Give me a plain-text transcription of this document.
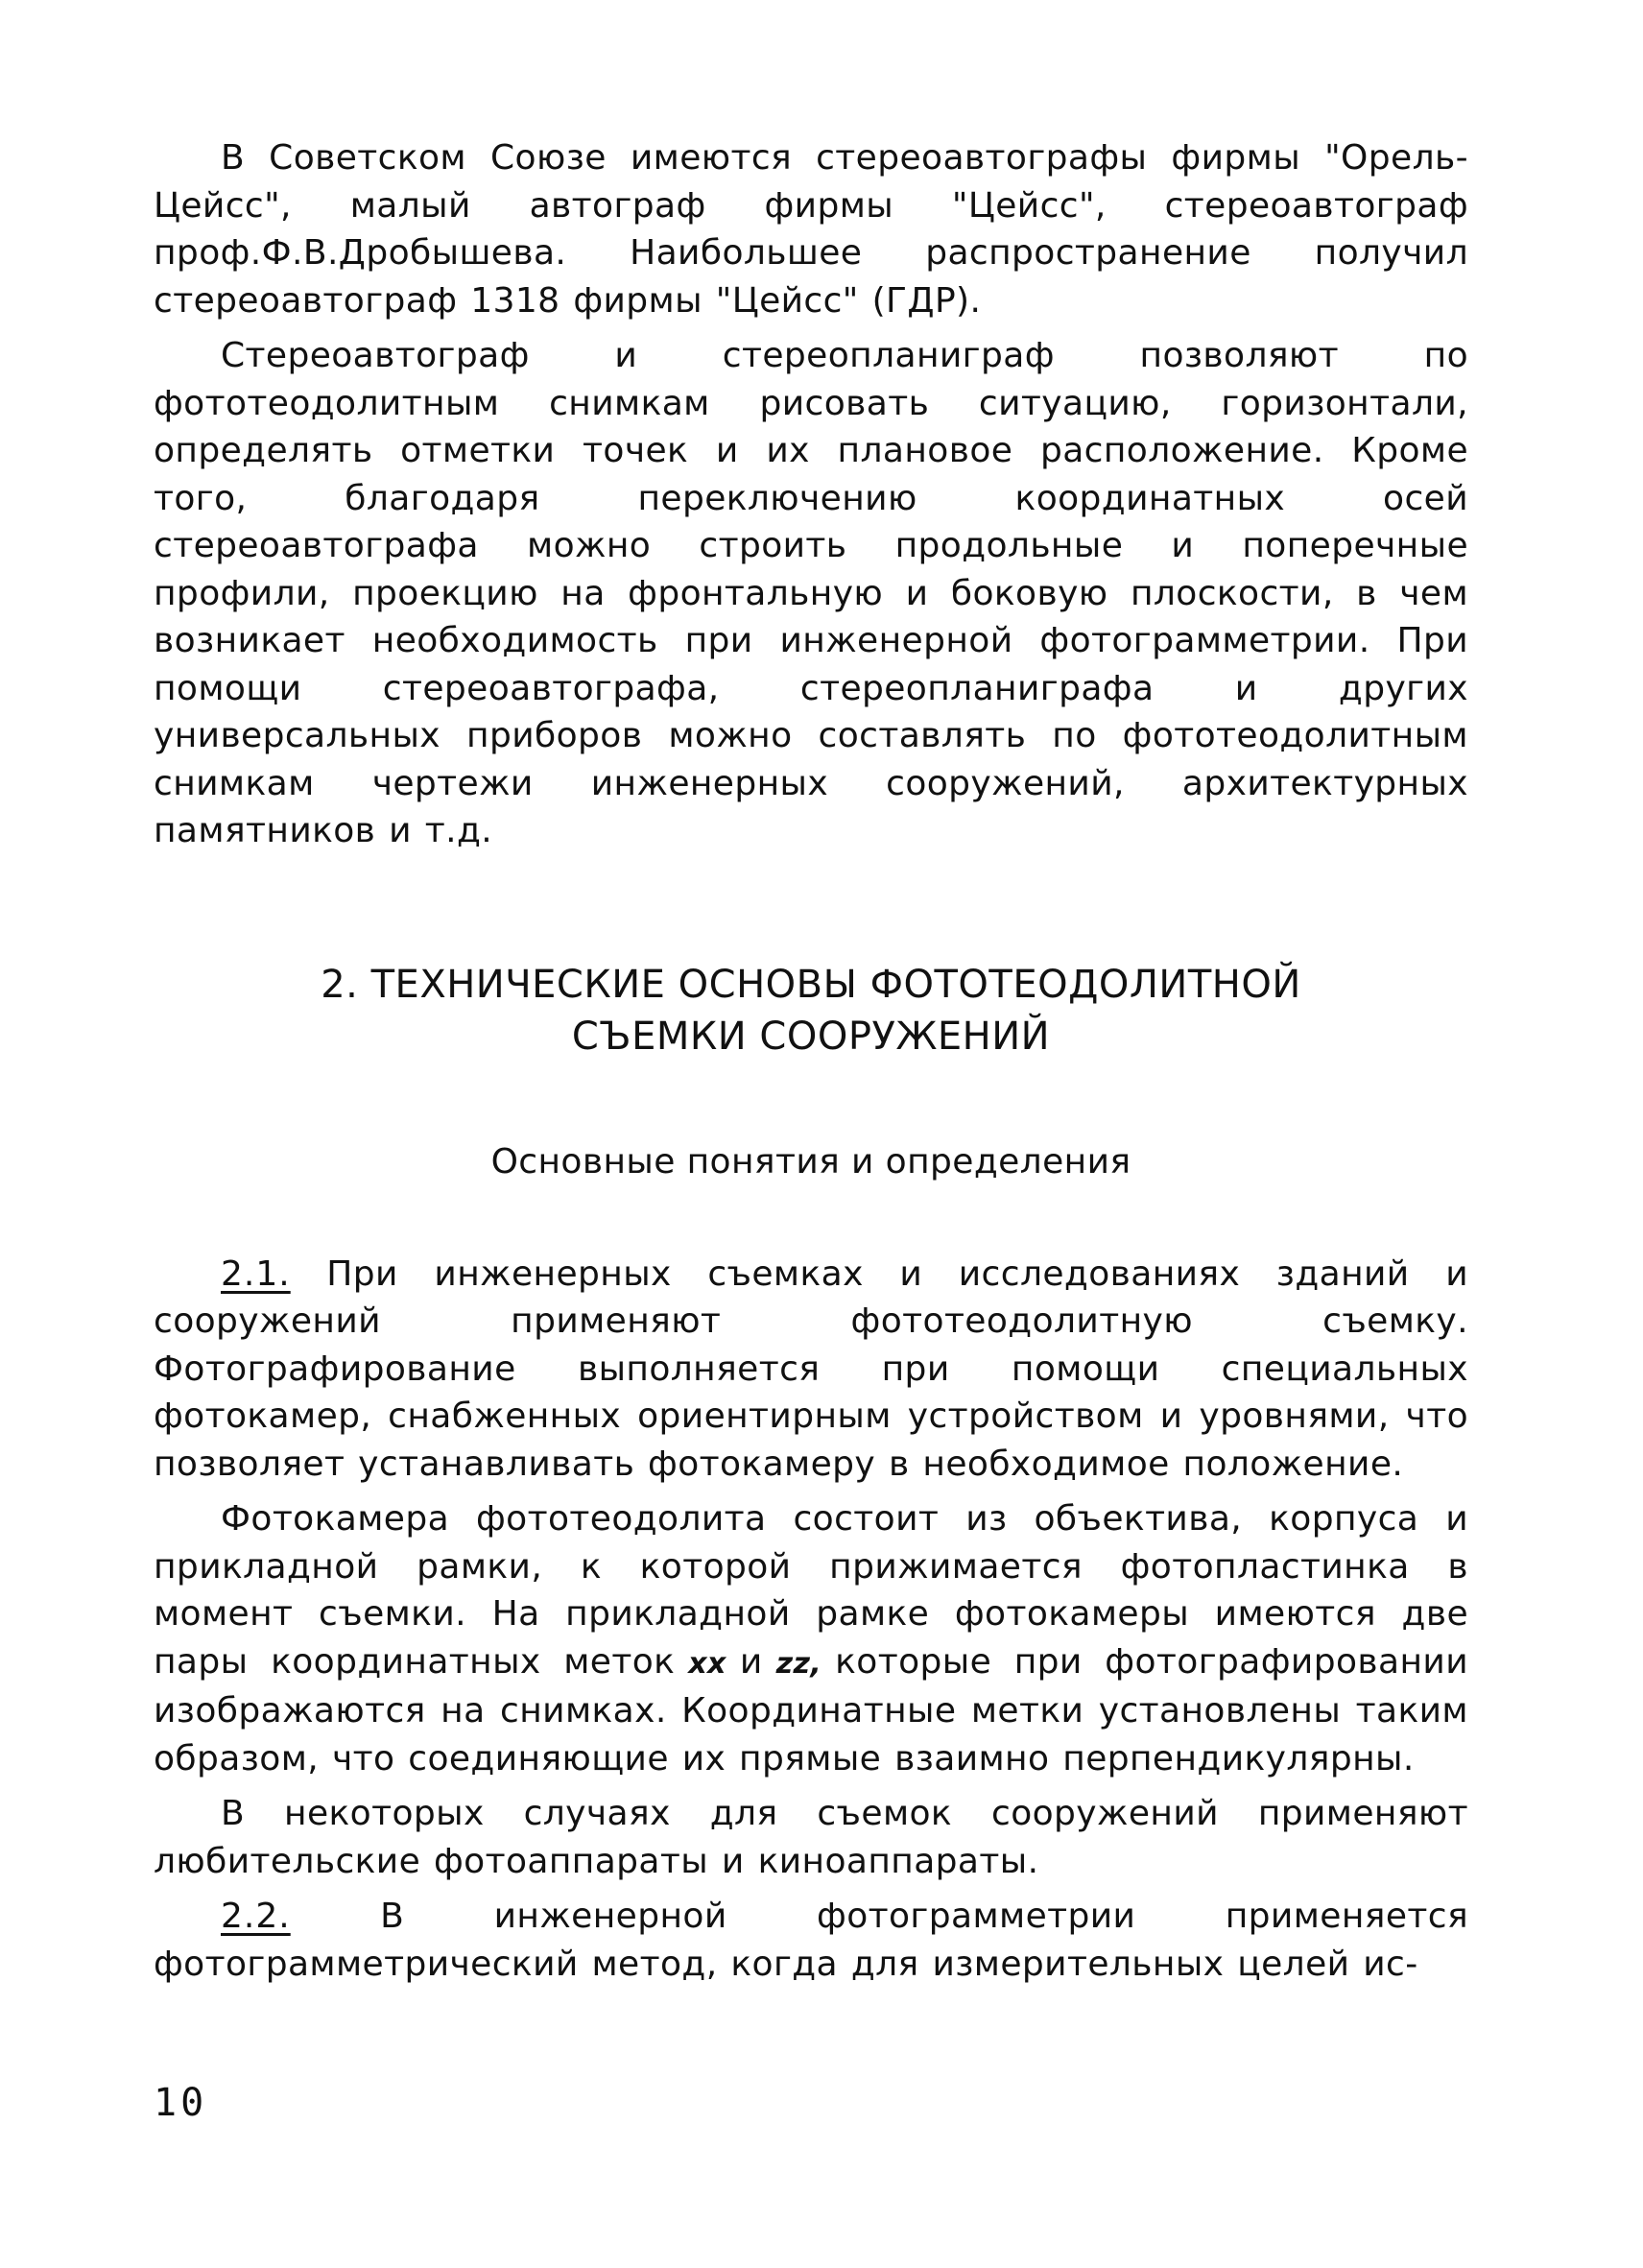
В Советском Союзе имеются стереоавтографы фирмы "Орель-Цейсс", малый автограф фирмы "Цейсс", стереоавтограф проф.Ф.В.Дробышева. Наибольшее распространение получил стереоавтограф 1318 фирмы "Цейсс" (ГДР).

Стереоавтограф и стереопланиграф позволяют по фототеодолитным снимкам рисовать ситуацию, горизонтали, определять отметки точек и их плановое расположение. Кроме того, благодаря переключению координатных осей стереоавтографа можно строить продольные и поперечные профили, проекцию на фронтальную и боковую плоскости, в чем возникает необходимость при инженерной фотограмметрии. При помощи стереоавтографа, стереопланиграфа и других универсальных приборов можно составлять по фототеодолитным снимкам чертежи инженерных сооружений, архитектурных памятников и т.д.

2. ТЕХНИЧЕСКИЕ ОСНОВЫ ФОТОТЕОДОЛИТНОЙ
СЪЕМКИ СООРУЖЕНИЙ
Основные понятия и определения

2.1. При инженерных съемках и исследованиях зданий и сооружений применяют фототеодолитную съемку. Фотографирование выполняется при помощи специальных фотокамер, снабженных ориентирным устройством и уровнями, что позволяет устанавливать фотокамеру в необходимое положение.

Фотокамера фототеодолита состоит из объектива, корпуса и прикладной рамки, к которой прижимается фотопластинка в момент съемки. На прикладной рамке фотокамеры имеются две пары координатных меток xx и zz, которые при фотографировании изображаются на снимках. Координатные метки установлены таким образом, что соединяющие их прямые взаимно перпендикулярны.

В некоторых случаях для съемок сооружений применяют любительские фотоаппараты и киноаппараты.

2.2. В инженерной фотограмметрии применяется фотограмметрический метод, когда для измерительных целей ис-

10
